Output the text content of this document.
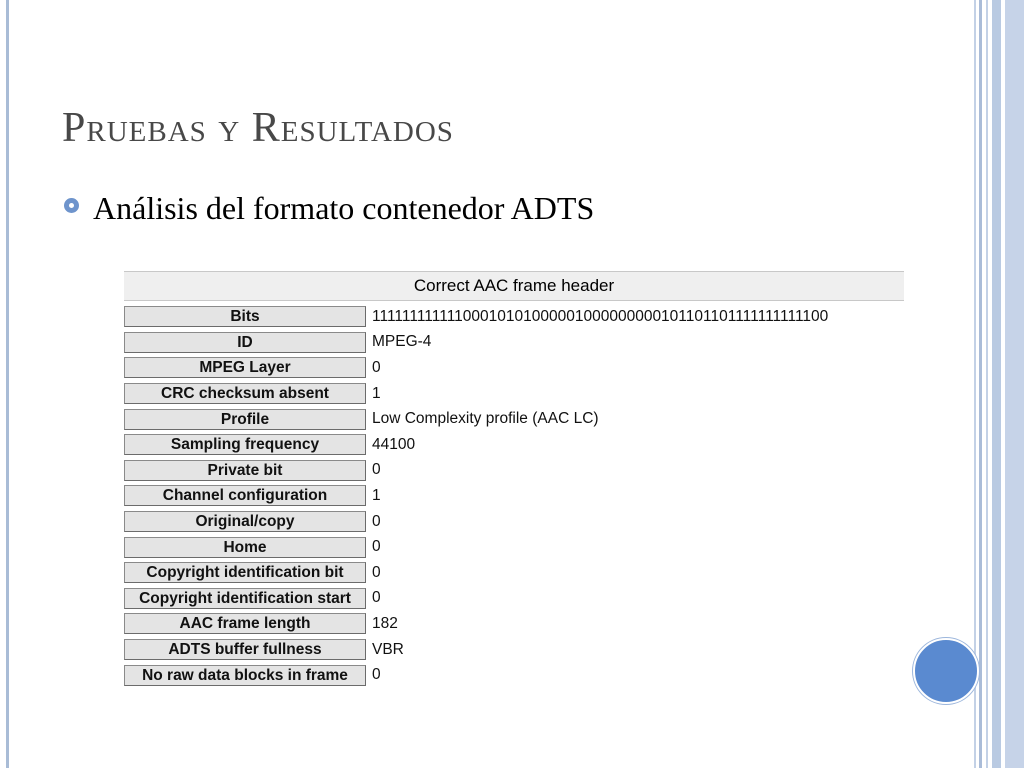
Pruebas y Resultados
Análisis del formato contenedor ADTS
Correct AAC frame header
Bits	11111111111100010101000001000000000101101101111111111100
ID	MPEG-4
MPEG Layer	0
CRC checksum absent	1
Profile	Low Complexity profile (AAC LC)
Sampling frequency	44100
Private bit	0
Channel configuration	1
Original/copy	0
Home	0
Copyright identification bit	0
Copyright identification start	0
AAC frame length	182
ADTS buffer fullness	VBR
No raw data blocks in frame	0
